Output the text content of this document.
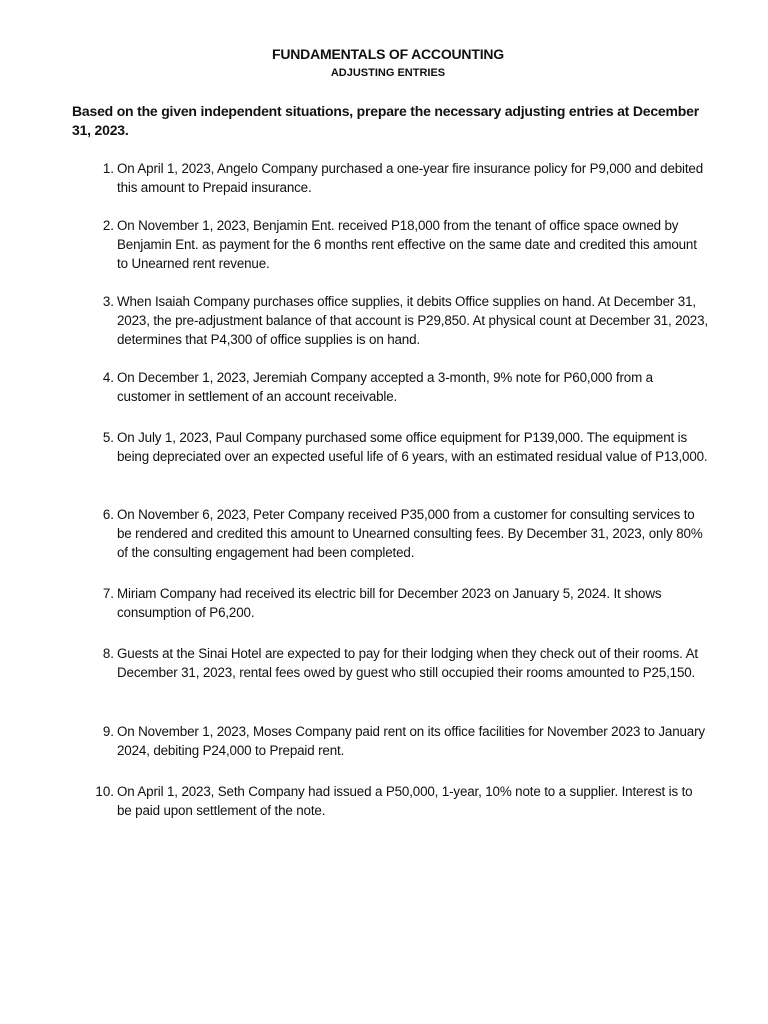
FUNDAMENTALS OF ACCOUNTING
ADJUSTING ENTRIES
Based on the given independent situations, prepare the necessary adjusting entries at December 31, 2023.
1. On April 1, 2023, Angelo Company purchased a one-year fire insurance policy for P9,000 and debited this amount to Prepaid insurance.
2. On November 1, 2023, Benjamin Ent. received P18,000 from the tenant of office space owned by Benjamin Ent. as payment for the 6 months rent effective on the same date and credited this amount to Unearned rent revenue.
3. When Isaiah Company purchases office supplies, it debits Office supplies on hand. At December 31, 2023, the pre-adjustment balance of that account is P29,850. At physical count at December 31, 2023, determines that P4,300 of office supplies is on hand.
4. On December 1, 2023, Jeremiah Company accepted a 3-month, 9% note for P60,000 from a customer in settlement of an account receivable.
5. On July 1, 2023, Paul Company purchased some office equipment for P139,000. The equipment is being depreciated over an expected useful life of 6 years, with an estimated residual value of P13,000.
6. On November 6, 2023, Peter Company received P35,000 from a customer for consulting services to be rendered and credited this amount to Unearned consulting fees. By December 31, 2023, only 80% of the consulting engagement had been completed.
7. Miriam Company had received its electric bill for December 2023 on January 5, 2024. It shows consumption of P6,200.
8. Guests at the Sinai Hotel are expected to pay for their lodging when they check out of their rooms. At December 31, 2023, rental fees owed by guest who still occupied their rooms amounted to P25,150.
9. On November 1, 2023, Moses Company paid rent on its office facilities for November 2023 to January 2024, debiting P24,000 to Prepaid rent.
10. On April 1, 2023, Seth Company had issued a P50,000, 1-year, 10% note to a supplier. Interest is to be paid upon settlement of the note.
